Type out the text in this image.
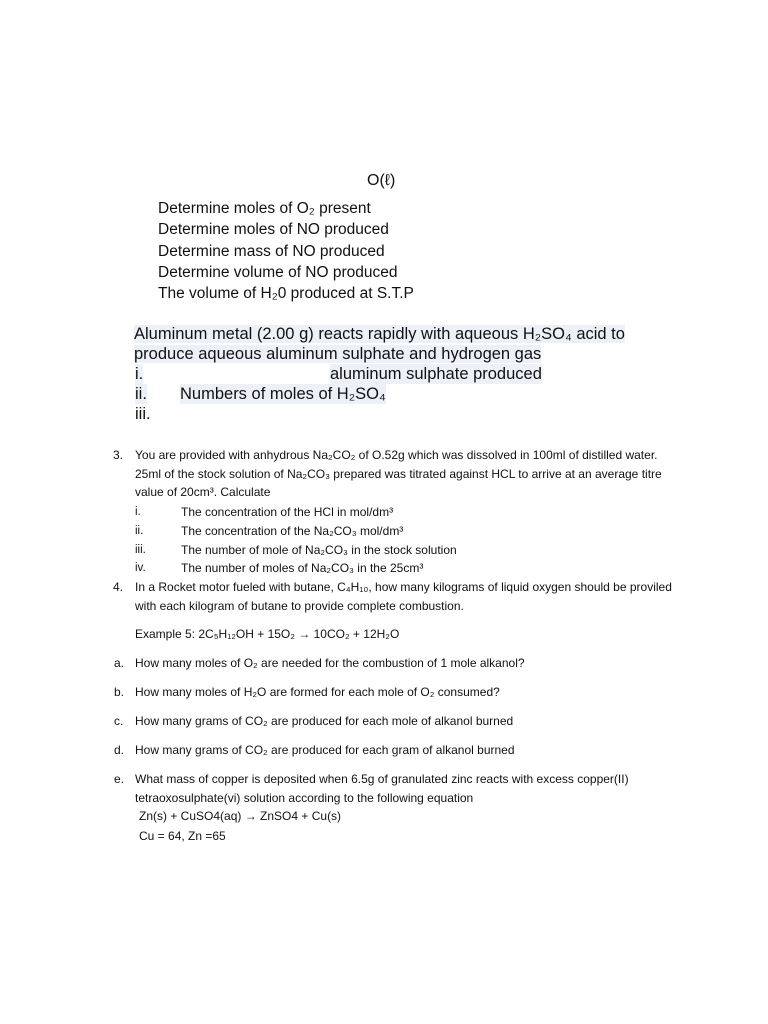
O(ℓ)
Determine moles of O₂ present
Determine moles of NO produced
Determine mass of NO produced
Determine volume of NO produced
The volume of H₂0 produced at S.T.P
Aluminum metal (2.00 g) reacts rapidly with aqueous H₂SO₄ acid to
produce aqueous aluminum sulphate and hydrogen gas
i.	aluminum sulphate produced
ii. Numbers of moles of H₂SO₄
iii.
3. You are provided with anhydrous Na₂CO₂ of O.52g which was dissolved in 100ml of distilled water. 25ml of the stock solution of Na₂CO₃ prepared was titrated against HCL to arrive at an average titre value of 20cm³. Calculate
i.	The concentration of the HCl in mol/dm³
ii.	The concentration of the Na₂CO₃ mol/dm³
iii.	The number of mole of Na₂CO₃ in the stock solution
iv.	The number of moles of Na₂CO₃ in the 25cm³
4. In a Rocket motor fueled with butane, C₄H₁₀, how many kilograms of liquid oxygen should be proviled with each kilogram of butane to provide complete combustion.
Example 5: 2C₅H₁₂OH + 15O₂ → 10CO₂ + 12H₂O
a. How many moles of O₂ are needed for the combustion of 1 mole alkanol?
b. How many moles of H₂O are formed for each mole of O₂ consumed?
c. How many grams of CO₂ are produced for each mole of alkanol burned
d. How many grams of CO₂ are produced for each gram of alkanol burned
e. What mass of copper is deposited when 6.5g of granulated zinc reacts with excess copper(II)
tetraoxosulphate(vi) solution according to the following equation
Zn(s) + CuSO4(aq) → ZnSO4 + Cu(s)
Cu = 64, Zn =65
